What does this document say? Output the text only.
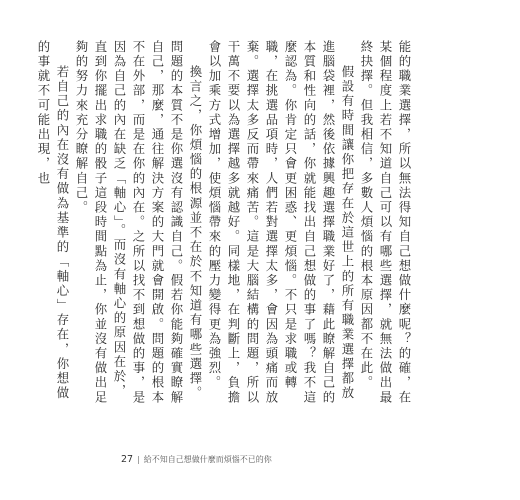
能的職業選擇，所以無法得知自己想做什麼呢？的確，在某個程度上若不知道自己可以有哪些選擇，就無法做出最終抉擇。但我相信，多數人煩惱的根本原因都不在此。

假設有時間讓你把存在於這世上的所有職業選擇都放進腦袋裡，然後依據興趣選擇職業好了，藉此瞭解自己的本質和性向的話，你就能找出自己想做的事了嗎？我不這麼認為。你肯定只會更困惑、更煩惱。不只是求職或轉職，在挑選品項時，人們若對選擇太多，會因為頭痛而放棄。選擇太多反而帶來痛苦。這是大腦結構的問題，所以干萬不要以為選擇越多就越好。同樣地，在判斷上，負擔會以加乘方式增加，使煩惱帶來的壓力變得更為強烈。

換言之，你煩惱的根源並不在於不知道有哪些選擇。問題的本質不是你選沒有認識自己。假若你能夠確實瞭解自己，那麼，通往解決方案的大門就會開啟。問題的根本不在外部，而是在你的內在。之所以找不到想做的事，是因為自己的內在缺乏「軸心」。而沒有軸心的原因在於，直到你擺出求職的骰子這段時間點為止，你並沒有做出足夠的努力來充分瞭解自己。

若自己的內在沒有做為基準的「軸心」存在，你想做的事就不可能出現，也

27 | 給不知自己想做什麼而煩惱不已的你
